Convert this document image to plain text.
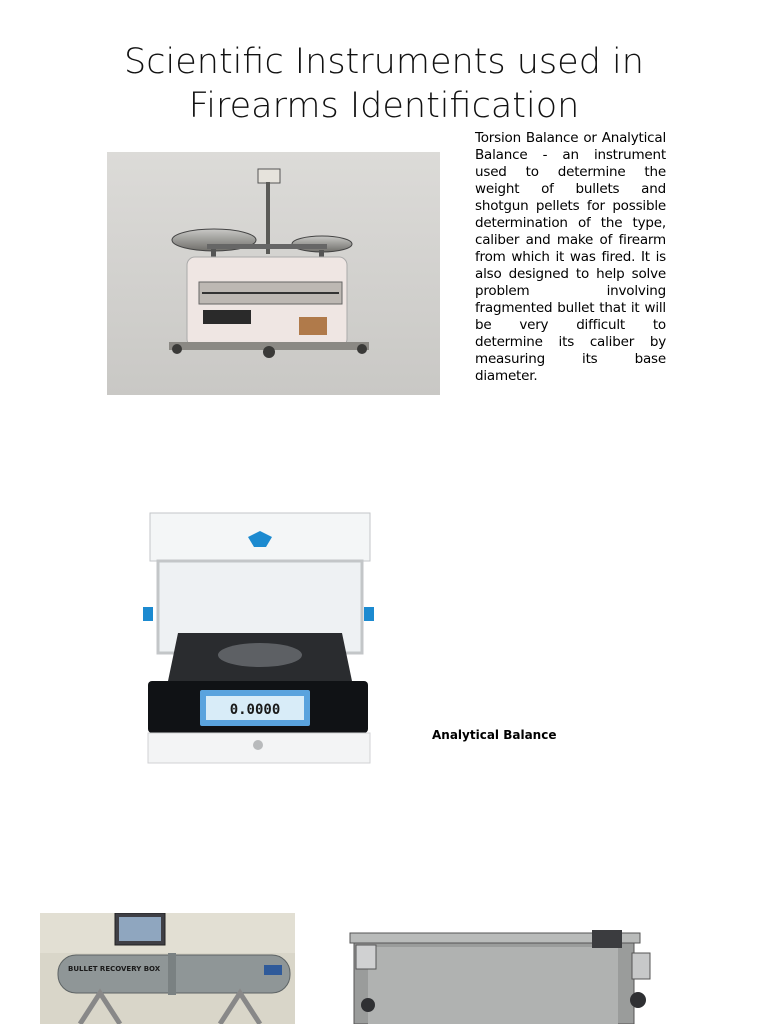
Scientific Instruments used in
Firearms Identification
Torsion Balance or Analytical Balance - an instrument used to determine the weight of bullets and shotgun pellets for possible determination of the type, caliber and make of firearm from which it was fired. It is also designed to help solve problem involving fragmented bullet that it will be very difficult to determine its caliber by measuring its base diameter.
0.0000
Analytical Balance
BULLET RECOVERY BOX
